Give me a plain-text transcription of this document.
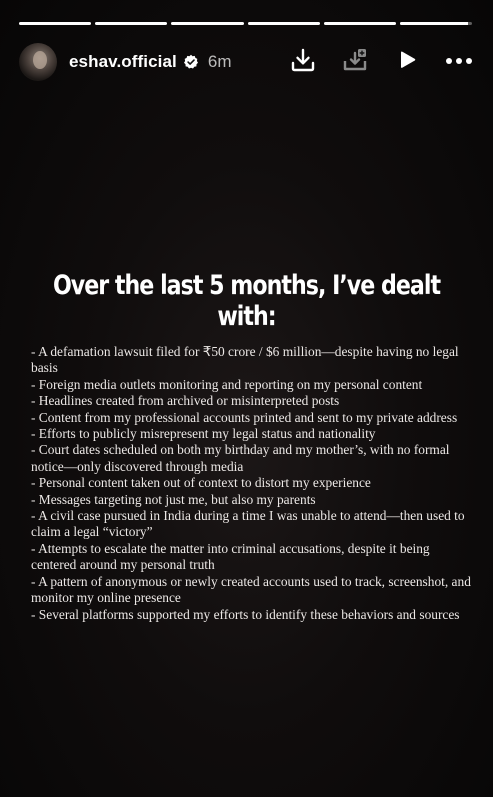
eshav.official 6m
Over the last 5 months, I’ve dealt with:
- A defamation lawsuit filed for ₹50 crore / $6 million—despite having no legal basis
- Foreign media outlets monitoring and reporting on my personal content
- Headlines created from archived or misinterpreted posts
- Content from my professional accounts printed and sent to my private address
- Efforts to publicly misrepresent my legal status and nationality
- Court dates scheduled on both my birthday and my mother’s, with no formal notice—only discovered through media
- Personal content taken out of context to distort my experience
- Messages targeting not just me, but also my parents
- A civil case pursued in India during a time I was unable to attend—then used to claim a legal “victory”
- Attempts to escalate the matter into criminal accusations, despite it being centered around my personal truth
- A pattern of anonymous or newly created accounts used to track, screenshot, and monitor my online presence
- Several platforms supported my efforts to identify these behaviors and sources
